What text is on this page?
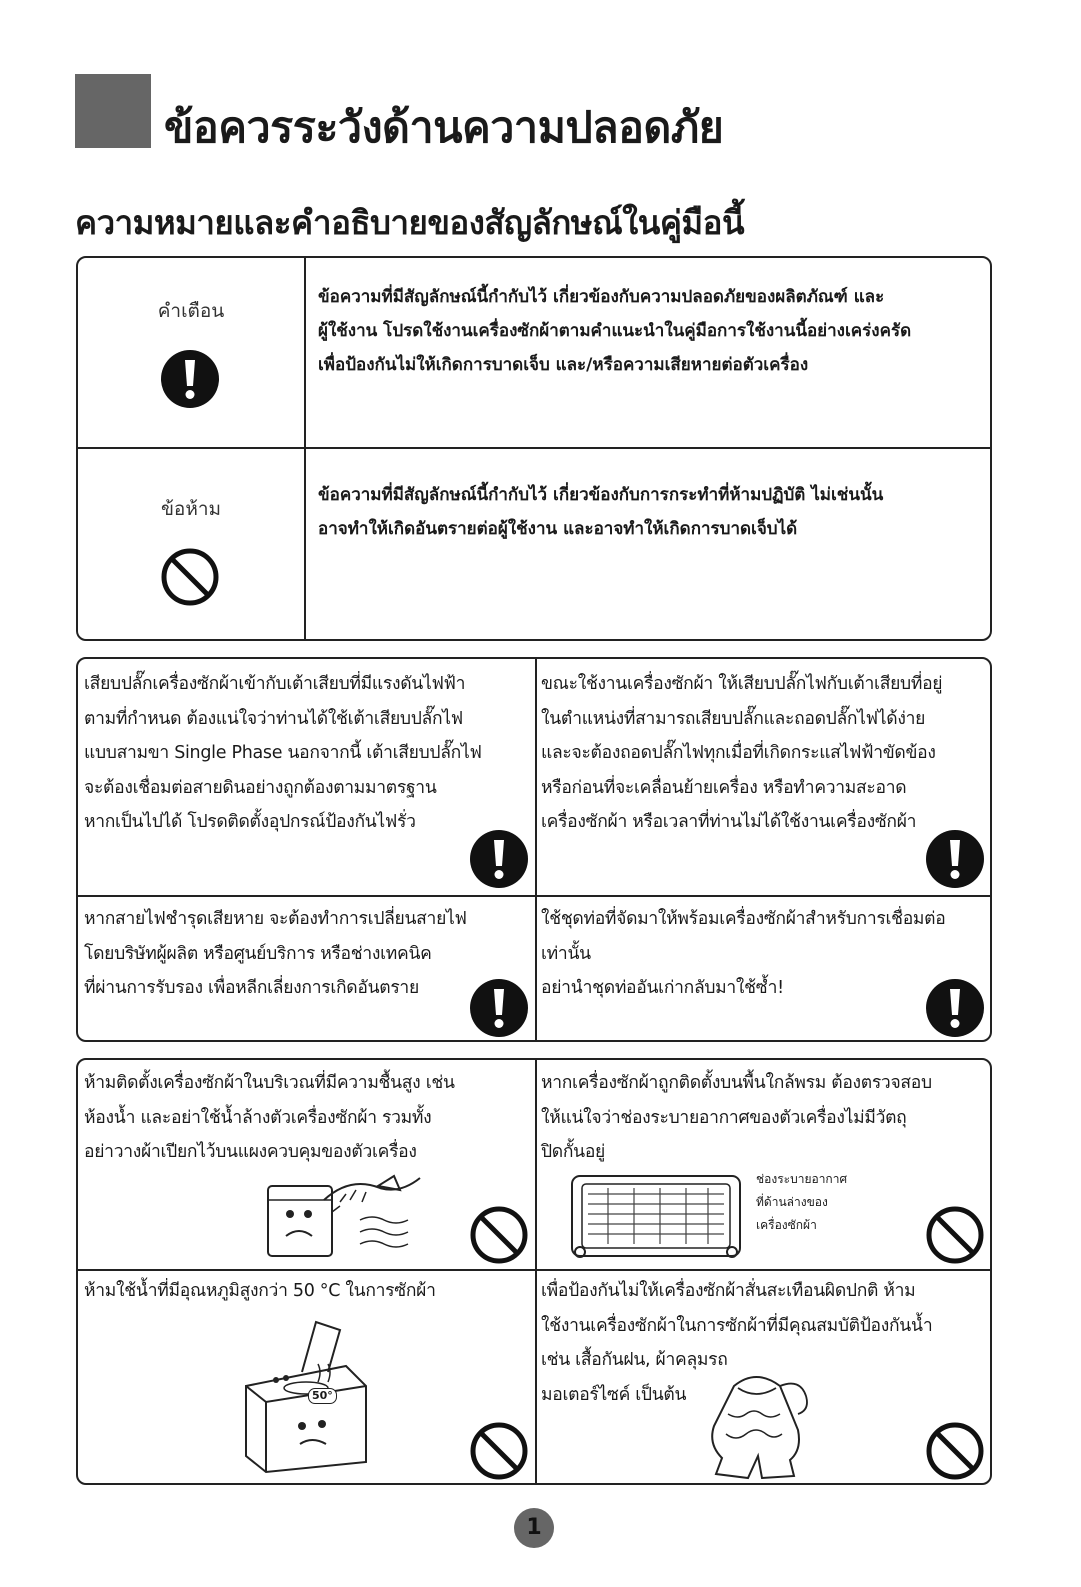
ข้อควรระวังด้านความปลอดภัย
ความหมายและคำอธิบายของสัญลักษณ์ในคู่มือนี้
คำเตือน
ข้อความที่มีสัญลักษณ์นี้กำกับไว้ เกี่ยวข้องกับความปลอดภัยของผลิตภัณฑ์ และ
ผู้ใช้งาน โปรดใช้งานเครื่องซักผ้าตามคำแนะนำในคู่มือการใช้งานนี้อย่างเคร่งครัด
เพื่อป้องกันไม่ให้เกิดการบาดเจ็บ และ/หรือความเสียหายต่อตัวเครื่อง
ข้อห้าม
ข้อความที่มีสัญลักษณ์นี้กำกับไว้ เกี่ยวข้องกับการกระทำที่ห้ามปฏิบัติ ไม่เช่นนั้น
อาจทำให้เกิดอันตรายต่อผู้ใช้งาน และอาจทำให้เกิดการบาดเจ็บได้
เสียบปลั๊กเครื่องซักผ้าเข้ากับเต้าเสียบที่มีแรงดันไฟฟ้า
ตามที่กำหนด ต้องแน่ใจว่าท่านได้ใช้เต้าเสียบปลั๊กไฟ
แบบสามขา Single Phase นอกจากนี้ เต้าเสียบปลั๊กไฟ
จะต้องเชื่อมต่อสายดินอย่างถูกต้องตามมาตรฐาน
หากเป็นไปได้ โปรดติดตั้งอุปกรณ์ป้องกันไฟรั่ว
ขณะใช้งานเครื่องซักผ้า ให้เสียบปลั๊กไฟกับเต้าเสียบที่อยู่
ในตำแหน่งที่สามารถเสียบปลั๊กและถอดปลั๊กไฟได้ง่าย
และจะต้องถอดปลั๊กไฟทุกเมื่อที่เกิดกระแสไฟฟ้าขัดข้อง
หรือก่อนที่จะเคลื่อนย้ายเครื่อง หรือทำความสะอาด
เครื่องซักผ้า หรือเวลาที่ท่านไม่ได้ใช้งานเครื่องซักผ้า
หากสายไฟชำรุดเสียหาย จะต้องทำการเปลี่ยนสายไฟ
โดยบริษัทผู้ผลิต หรือศูนย์บริการ หรือช่างเทคนิค
ที่ผ่านการรับรอง เพื่อหลีกเลี่ยงการเกิดอันตราย
ใช้ชุดท่อที่จัดมาให้พร้อมเครื่องซักผ้าสำหรับการเชื่อมต่อ
เท่านั้น
อย่านำชุดท่ออันเก่ากลับมาใช้ซ้ำ!
ห้ามติดตั้งเครื่องซักผ้าในบริเวณที่มีความชื้นสูง เช่น
ห้องน้ำ และอย่าใช้น้ำล้างตัวเครื่องซักผ้า รวมทั้ง
อย่าวางผ้าเปียกไว้บนแผงควบคุมของตัวเครื่อง
หากเครื่องซักผ้าถูกติดตั้งบนพื้นใกล้พรม ต้องตรวจสอบ
ให้แน่ใจว่าช่องระบายอากาศของตัวเครื่องไม่มีวัตถุ
ปิดกั้นอยู่
ช่องระบายอากาศ
ที่ด้านล่างของ
เครื่องซักผ้า
ห้ามใช้น้ำที่มีอุณหภูมิสูงกว่า 50 °C ในการซักผ้า
50°
เพื่อป้องกันไม่ให้เครื่องซักผ้าสั่นสะเทือนผิดปกติ ห้าม
ใช้งานเครื่องซักผ้าในการซักผ้าที่มีคุณสมบัติป้องกันน้ำ
เช่น เสื้อกันฝน, ผ้าคลุมรถ
มอเตอร์ไซค์ เป็นต้น
1
